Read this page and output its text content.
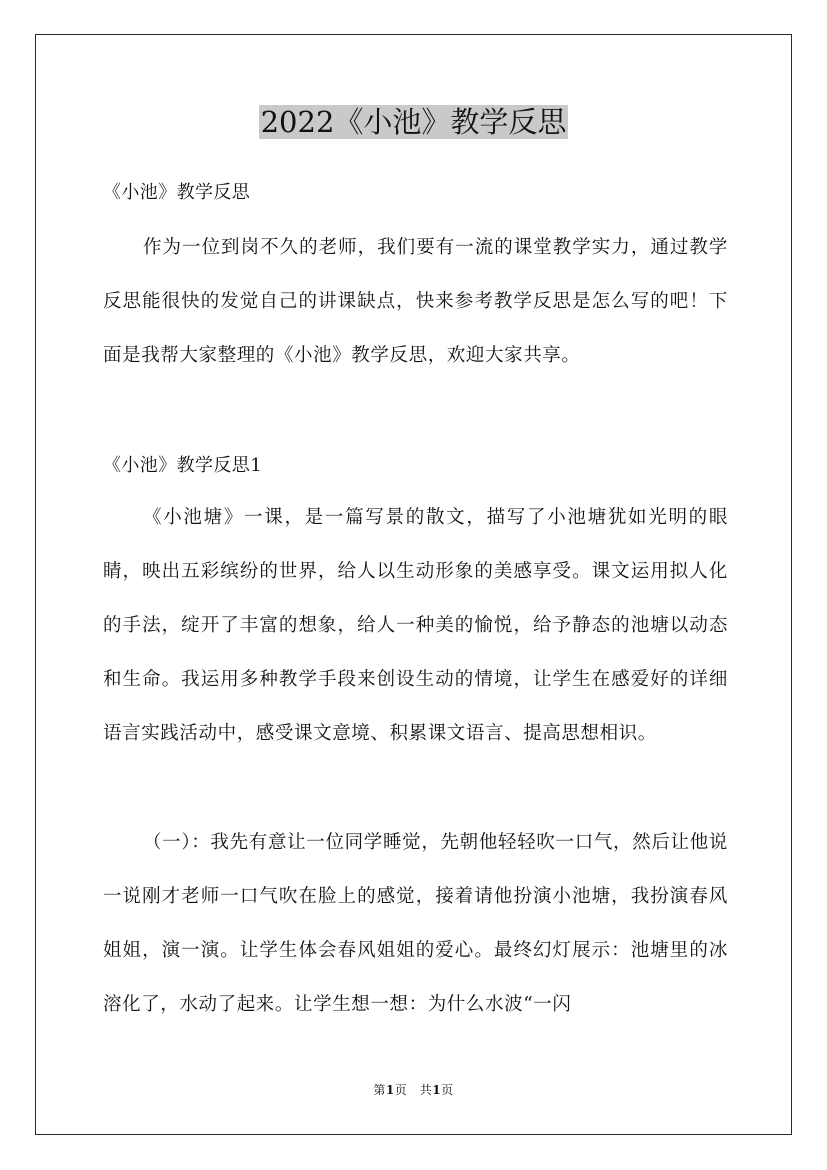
2022《小池》教学反思

《小池》教学反思

作为一位到岗不久的老师，我们要有一流的课堂教学实力，通过教学反思能很快的发觉自己的讲课缺点，快来参考教学反思是怎么写的吧！下面是我帮大家整理的《小池》教学反思，欢迎大家共享。

《小池》教学反思1

《小池塘》一课，是一篇写景的散文，描写了小池塘犹如光明的眼睛，映出五彩缤纷的世界，给人以生动形象的美感享受。课文运用拟人化的手法，绽开了丰富的想象，给人一种美的愉悦，给予静态的池塘以动态和生命。我运用多种教学手段来创设生动的情境，让学生在感爱好的详细语言实践活动中，感受课文意境、积累课文语言、提高思想相识。

（一）：我先有意让一位同学睡觉，先朝他轻轻吹一口气，然后让他说一说刚才老师一口气吹在脸上的感觉，接着请他扮演小池塘，我扮演春风姐姐，演一演。让学生体会春风姐姐的爱心。最终幻灯展示：池塘里的冰溶化了，水动了起来。让学生想一想：为什么水波“一闪

第1页　共1页
